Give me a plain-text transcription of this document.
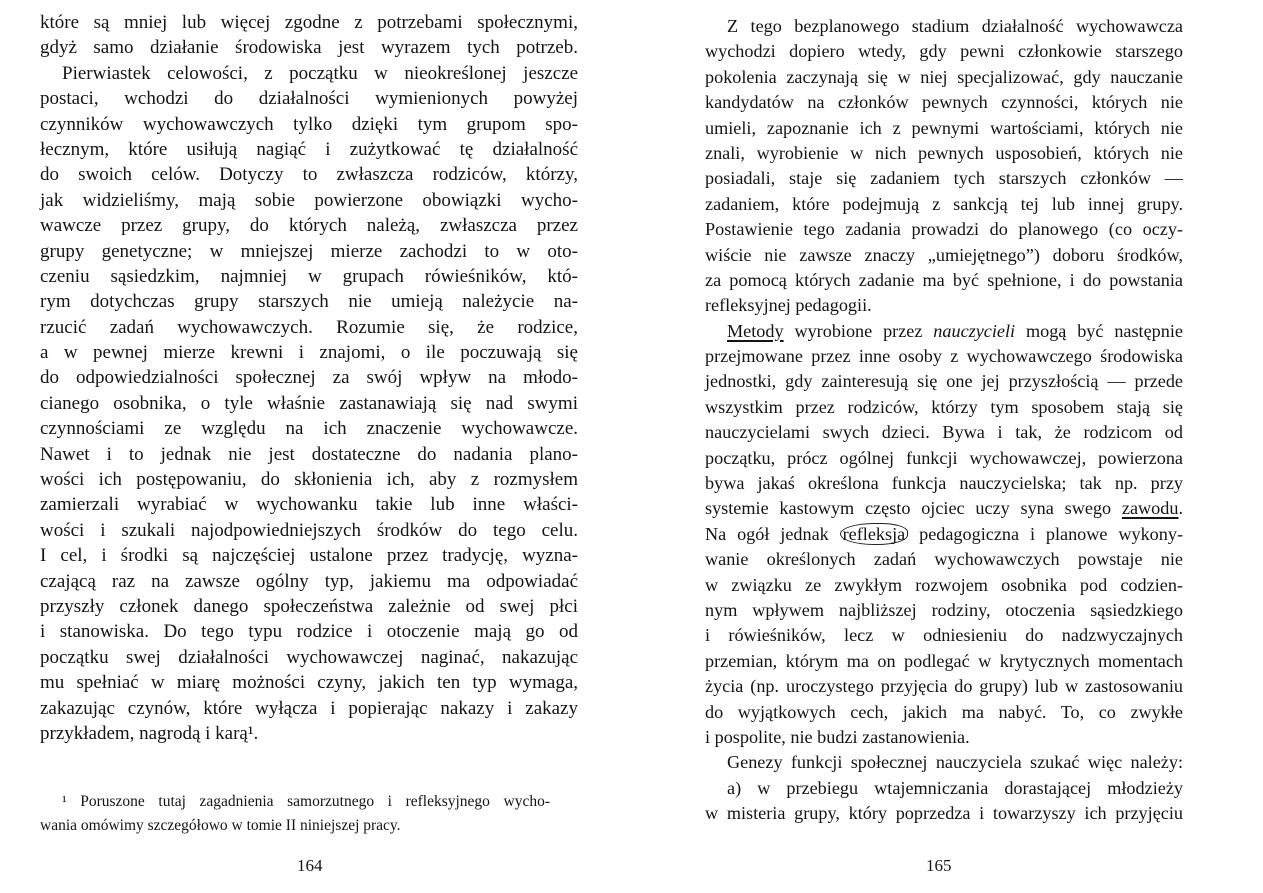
które są mniej lub więcej zgodne z potrzebami społecznymi,
gdyż samo działanie środowiska jest wyrazem tych potrzeb.
Pierwiastek celowości, z początku w nieokreślonej jeszcze
postaci, wchodzi do działalności wymienionych powyżej
czynników wychowawczych tylko dzięki tym grupom spo-
łecznym, które usiłują nagiąć i zużytkować tę działalność
do swoich celów. Dotyczy to zwłaszcza rodziców, którzy,
jak widzieliśmy, mają sobie powierzone obowiązki wycho-
wawcze przez grupy, do których należą, zwłaszcza przez
grupy genetyczne; w mniejszej mierze zachodzi to w oto-
czeniu sąsiedzkim, najmniej w grupach rówieśników, któ-
rym dotychczas grupy starszych nie umieją należycie na-
rzucić zadań wychowawczych. Rozumie się, że rodzice,
a w pewnej mierze krewni i znajomi, o ile poczuwają się
do odpowiedzialności społecznej za swój wpływ na młodo-
cianego osobnika, o tyle właśnie zastanawiają się nad swymi
czynnościami ze względu na ich znaczenie wychowawcze.
Nawet i to jednak nie jest dostateczne do nadania plano-
wości ich postępowaniu, do skłonienia ich, aby z rozmysłem
zamierzali wyrabiać w wychowanku takie lub inne właści-
wości i szukali najodpowiedniejszych środków do tego celu.
I cel, i środki są najczęściej ustalone przez tradycję, wyzna-
czającą raz na zawsze ogólny typ, jakiemu ma odpowiadać
przyszły członek danego społeczeństwa zależnie od swej płci
i stanowiska. Do tego typu rodzice i otoczenie mają go od
początku swej działalności wychowawczej naginać, nakazując
mu spełniać w miarę możności czyny, jakich ten typ wymaga,
zakazując czynów, które wyłącza i popierając nakazy i zakazy
przykładem, nagrodą i karą¹.
¹ Poruszone tutaj zagadnienia samorzutnego i refleksyjnego wycho-
wania omówimy szczegółowo w tomie II niniejszej pracy.
164
Z tego bezplanowego stadium działalność wychowawcza
wychodzi dopiero wtedy, gdy pewni członkowie starszego
pokolenia zaczynają się w niej specjalizować, gdy nauczanie
kandydatów na członków pewnych czynności, których nie
umieli, zapoznanie ich z pewnymi wartościami, których nie
znali, wyrobienie w nich pewnych usposobień, których nie
posiadali, staje się zadaniem tych starszych członków —
zadaniem, które podejmują z sankcją tej lub innej grupy.
Postawienie tego zadania prowadzi do planowego (co oczy-
wiście nie zawsze znaczy „umiejętnego”) doboru środków,
za pomocą których zadanie ma być spełnione, i do powstania
refleksyjnej pedagogii.
Metody wyrobione przez nauczycieli mogą być następnie
przejmowane przez inne osoby z wychowawczego środowiska
jednostki, gdy zainteresują się one jej przyszłością — przede
wszystkim przez rodziców, którzy tym sposobem stają się
nauczycielami swych dzieci. Bywa i tak, że rodzicom od
początku, prócz ogólnej funkcji wychowawczej, powierzona
bywa jakaś określona funkcja nauczycielska; tak np. przy
systemie kastowym często ojciec uczy syna swego zawodu.
Na ogół jednak refleksja pedagogiczna i planowe wykony-
wanie określonych zadań wychowawczych powstaje nie
w związku ze zwykłym rozwojem osobnika pod codzien-
nym wpływem najbliższej rodziny, otoczenia sąsiedzkiego
i rówieśników, lecz w odniesieniu do nadzwyczajnych
przemian, którym ma on podlegać w krytycznych momentach
życia (np. uroczystego przyjęcia do grupy) lub w zastosowaniu
do wyjątkowych cech, jakich ma nabyć. To, co zwykłe
i pospolite, nie budzi zastanowienia.
Genezy funkcji społecznej nauczyciela szukać więc należy:
a) w przebiegu wtajemniczania dorastającej młodzieży
w misteria grupy, który poprzedza i towarzyszy ich przyjęciu
165
